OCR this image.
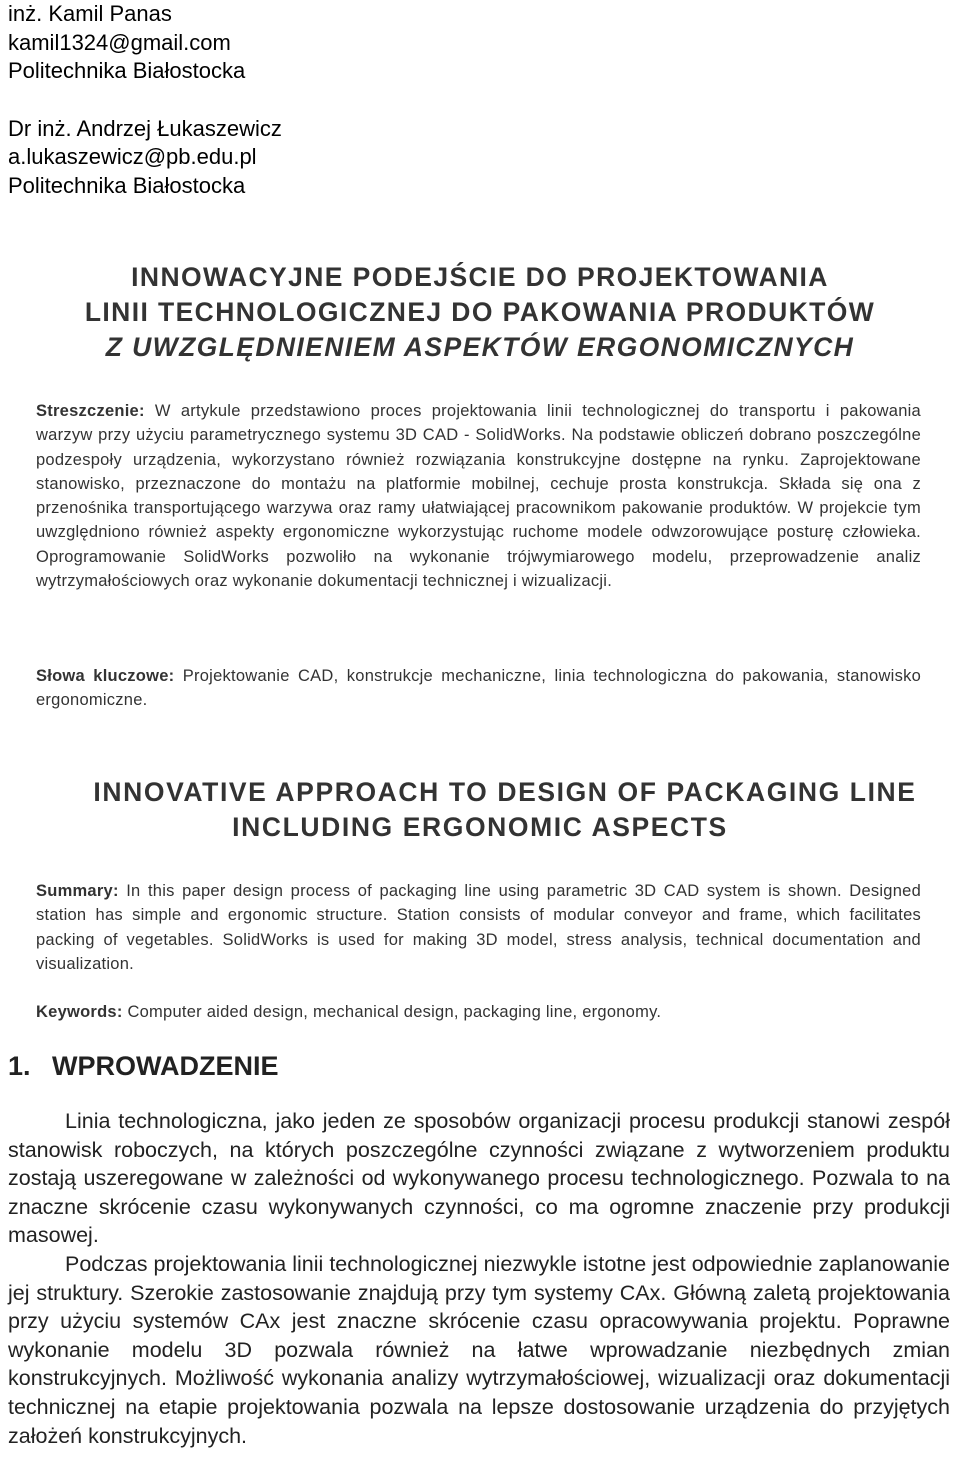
inż. Kamil Panas
kamil1324@gmail.com
Politechnika Białostocka
Dr inż. Andrzej Łukaszewicz
a.lukaszewicz@pb.edu.pl
Politechnika Białostocka
INNOWACYJNE PODEJŚCIE DO PROJEKTOWANIA
LINII TECHNOLOGICZNEJ DO PAKOWANIA PRODUKTÓW
Z UWZGLĘDNIENIEM ASPEKTÓW ERGONOMICZNYCH
Streszczenie: W artykule przedstawiono proces projektowania linii technologicznej do transportu i pakowania warzyw przy użyciu parametrycznego systemu 3D CAD - SolidWorks. Na podstawie obliczeń dobrano poszczególne podzespoły urządzenia, wykorzystano również rozwiązania konstrukcyjne dostępne na rynku. Zaprojektowane stanowisko, przeznaczone do montażu na platformie mobilnej, cechuje prosta konstrukcja. Składa się ona z przenośnika transportującego warzywa oraz ramy ułatwiającej pracownikom pakowanie produktów. W projekcie tym uwzględniono również aspekty ergonomiczne wykorzystując ruchome modele odwzorowujące posturę człowieka. Oprogramowanie SolidWorks pozwoliło na wykonanie trójwymiarowego modelu, przeprowadzenie analiz wytrzymałościowych oraz wykonanie dokumentacji technicznej i wizualizacji.
Słowa kluczowe: Projektowanie CAD, konstrukcje mechaniczne, linia technologiczna do pakowania, stanowisko ergonomiczne.
INNOVATIVE APPROACH TO DESIGN OF PACKAGING LINE
INCLUDING ERGONOMIC ASPECTS
Summary: In this paper design process of packaging line using parametric 3D CAD system is shown. Designed station has simple and ergonomic structure. Station consists of modular conveyor and frame, which facilitates packing of vegetables. SolidWorks is used for making 3D model, stress analysis, technical documentation and visualization.
Keywords: Computer aided design, mechanical design, packaging line, ergonomy.
1. WPROWADZENIE

Linia technologiczna, jako jeden ze sposobów organizacji procesu produkcji stanowi zespół stanowisk roboczych, na których poszczególne czynności związane z wytworzeniem produktu zostają uszeregowane w zależności od wykonywanego procesu technologicznego. Pozwala to na znaczne skrócenie czasu wykonywanych czynności, co ma ogromne znaczenie przy produkcji masowej.

Podczas projektowania linii technologicznej niezwykle istotne jest odpowiednie zaplanowanie jej struktury. Szerokie zastosowanie znajdują przy tym systemy CAx. Główną zaletą projektowania przy użyciu systemów CAx jest znaczne skrócenie czasu opracowywania projektu. Poprawne wykonanie modelu 3D pozwala również na łatwe wprowadzanie niezbędnych zmian konstrukcyjnych. Możliwość wykonania analizy wytrzymałościowej, wizualizacji oraz dokumentacji technicznej na etapie projektowania pozwala na lepsze dostosowanie urządzenia do przyjętych założeń konstrukcyjnych.
